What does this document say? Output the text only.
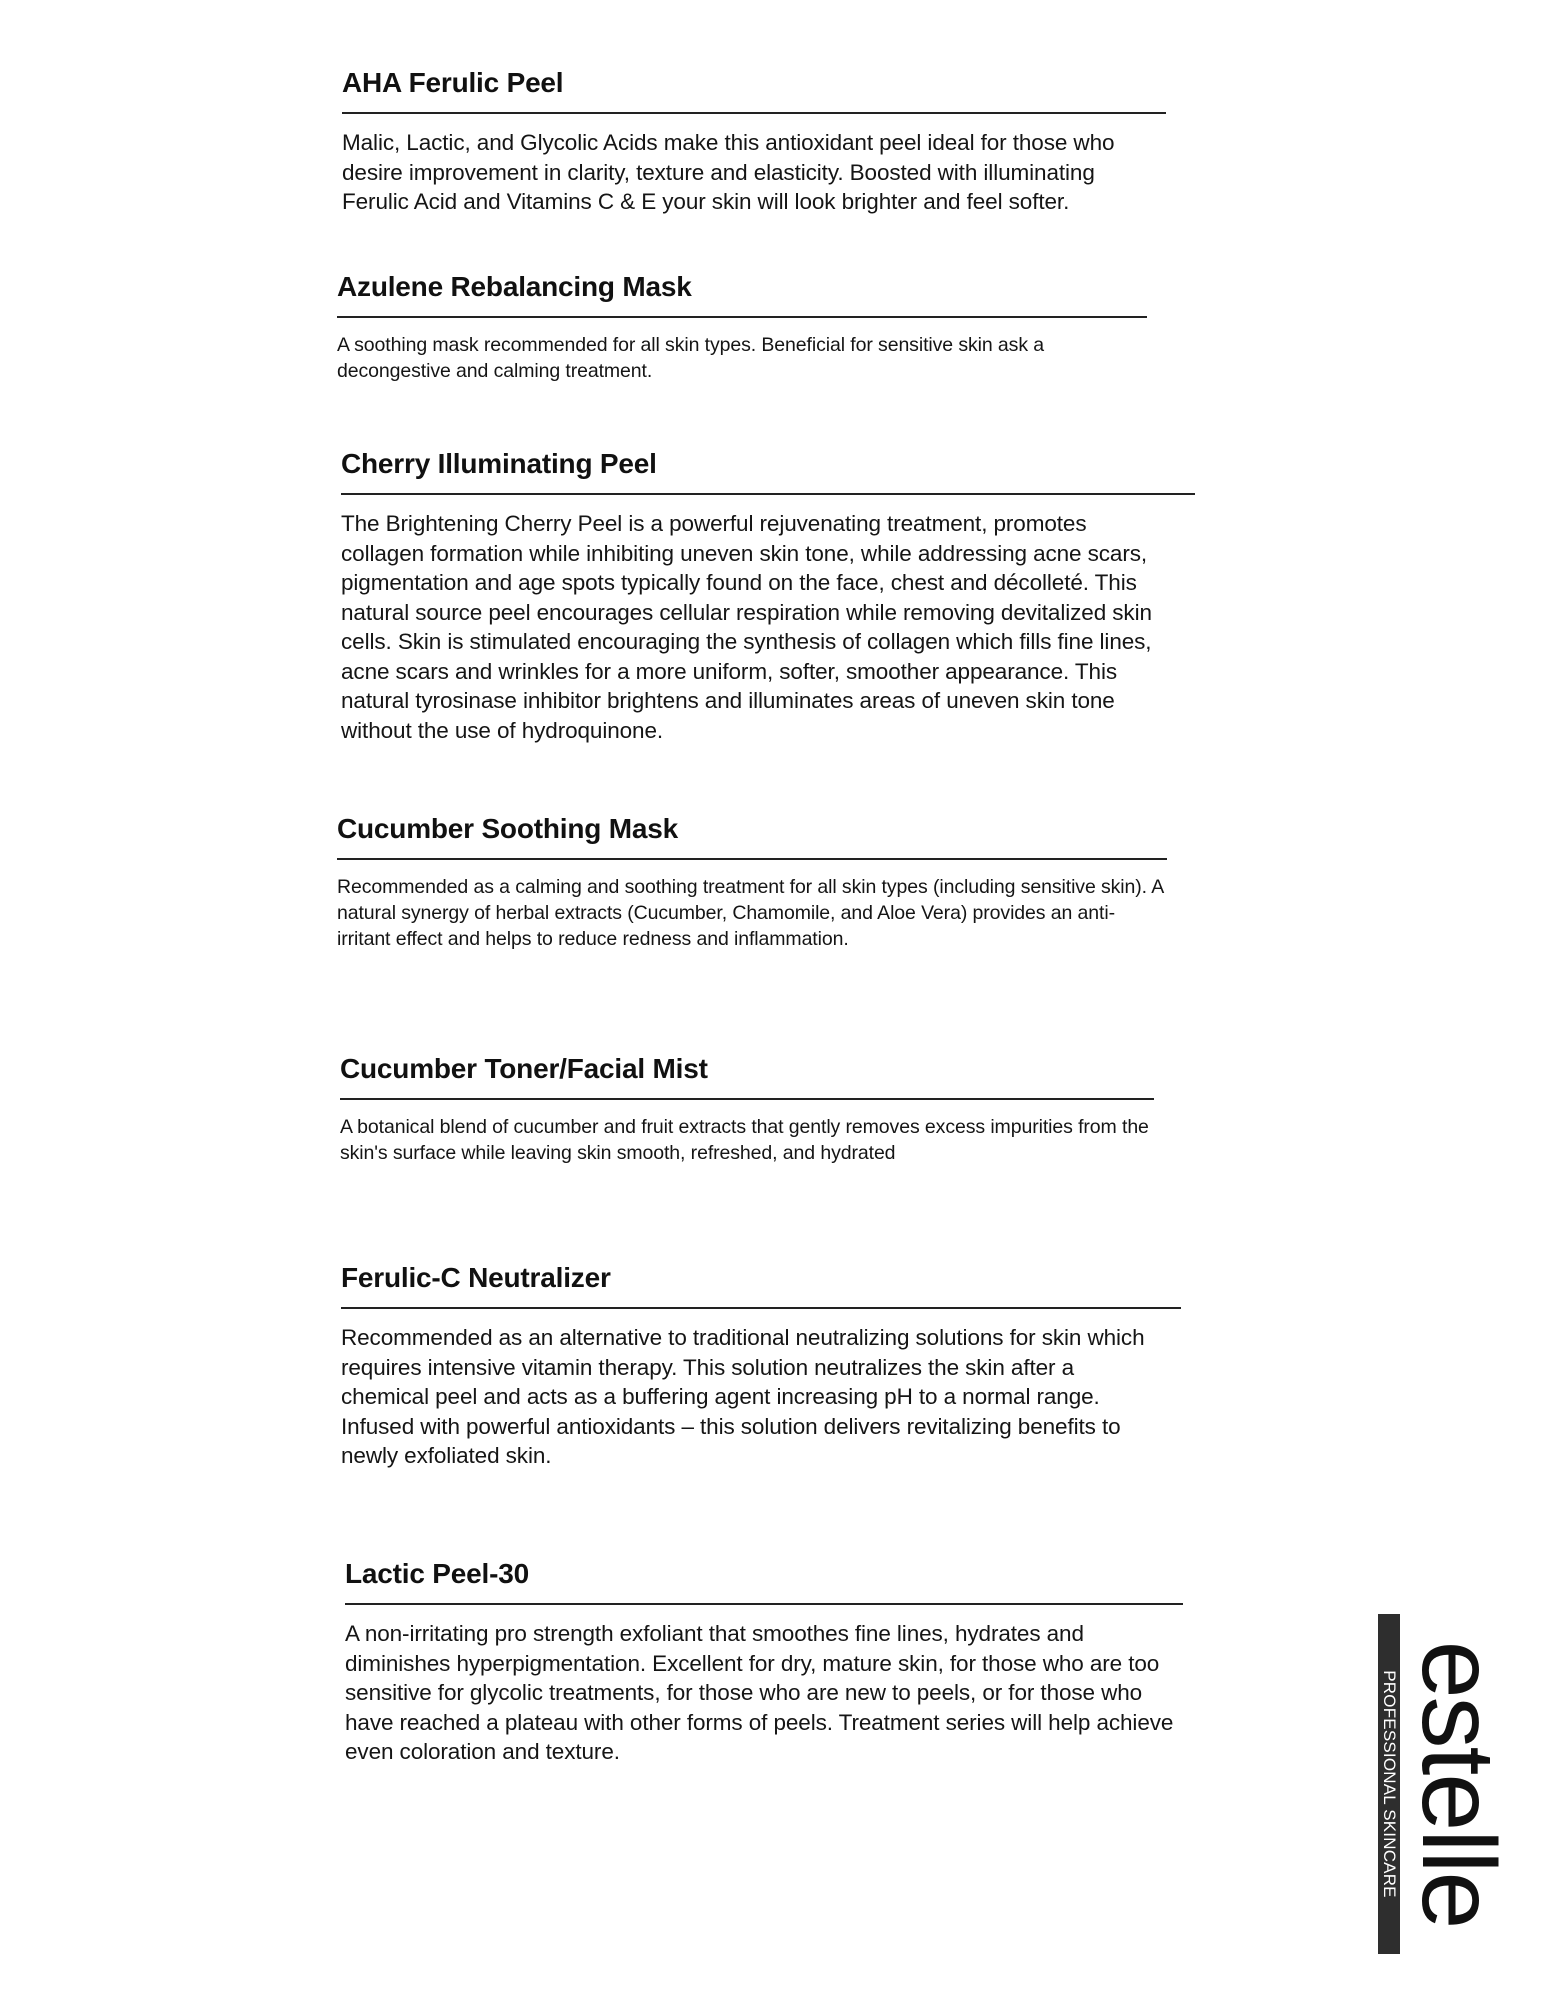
AHA Ferulic Peel

Malic, Lactic, and Glycolic Acids make this antioxidant peel ideal for those who desire improvement in clarity, texture and elasticity. Boosted with illuminating Ferulic Acid and Vitamins C & E your skin will look brighter and feel softer.

Azulene Rebalancing Mask

A soothing mask recommended for all skin types. Beneficial for sensitive skin ask a decongestive and calming treatment.

Cherry Illuminating Peel

The Brightening Cherry Peel is a powerful rejuvenating treatment, promotes collagen formation while inhibiting uneven skin tone, while addressing acne scars, pigmentation and age spots typically found on the face, chest and décolleté. This natural source peel encourages cellular respiration while removing devitalized skin cells. Skin is stimulated encouraging the synthesis of collagen which fills fine lines, acne scars and wrinkles for a more uniform, softer, smoother appearance. This natural tyrosinase inhibitor brightens and illuminates areas of uneven skin tone without the use of hydroquinone.

Cucumber Soothing Mask

Recommended as a calming and soothing treatment for all skin types (including sensitive skin). A natural synergy of herbal extracts (Cucumber, Chamomile, and Aloe Vera) provides an anti-irritant effect and helps to reduce redness and inflammation.

Cucumber Toner/Facial Mist

A botanical blend of cucumber and fruit extracts that gently removes excess impurities from the skin's surface while leaving skin smooth, refreshed, and hydrated

Ferulic-C Neutralizer

Recommended as an alternative to traditional neutralizing solutions for skin which requires intensive vitamin therapy. This solution neutralizes the skin after a chemical peel and acts as a buffering agent increasing pH to a normal range. Infused with powerful antioxidants – this solution delivers revitalizing benefits to newly exfoliated skin.

Lactic Peel-30

A non-irritating pro strength exfoliant that smoothes fine lines, hydrates and diminishes hyperpigmentation. Excellent for dry, mature skin, for those who are too sensitive for glycolic treatments, for those who are new to peels, or for those who have reached a plateau with other forms of peels. Treatment series will help achieve even coloration and texture.	PROFESSIONAL SKINCARE estelle
